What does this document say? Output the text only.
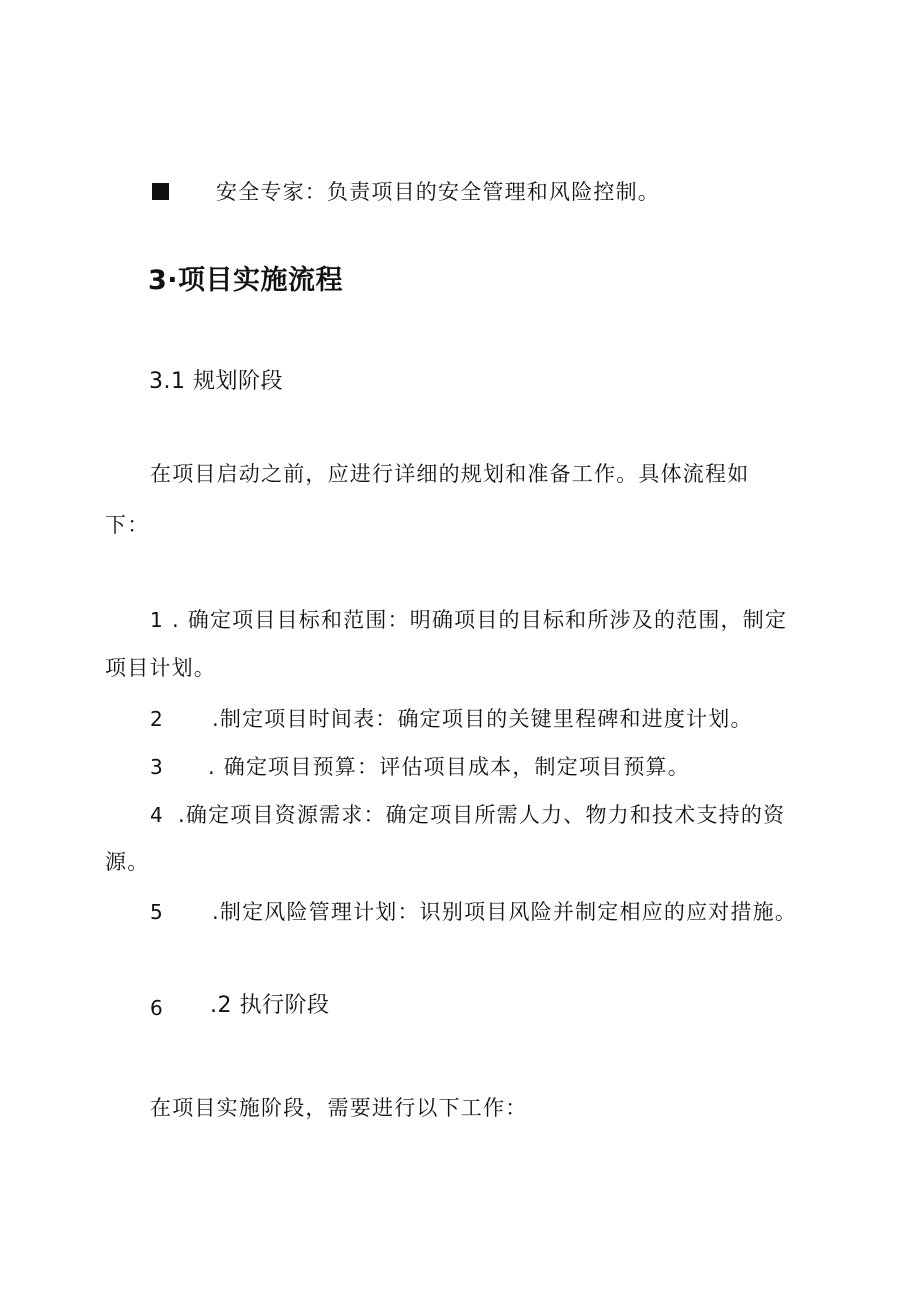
安全专家：负责项目的安全管理和风险控制。
3·项目实施流程
3.1 规划阶段
在项目启动之前，应进行详细的规划和准备工作。具体流程如
下：
1 . 确定项目目标和范围：明确项目的目标和所涉及的范围，制定
项目计划。
2 .制定项目时间表：确定项目的关键里程碑和进度计划。
3 . 确定项目预算：评估项目成本，制定项目预算。
4 .确定项目资源需求：确定项目所需人力、物力和技术支持的资
源。
5 .制定风险管理计划：识别项目风险并制定相应的应对措施。
6 .2 执行阶段
在项目实施阶段，需要进行以下工作：
